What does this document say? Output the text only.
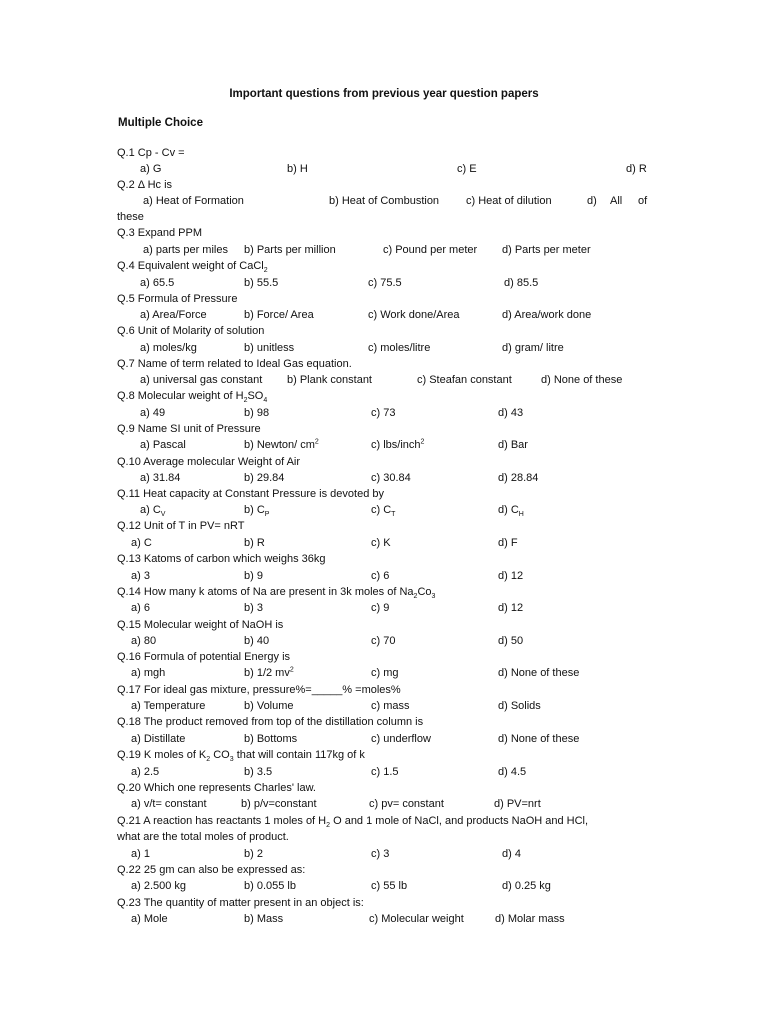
Important questions from previous year question papers
Multiple Choice
Q.1 Cp - Cv =
a) G	b) H	c) E	d) R
Q.2 Δ Hc is
a) Heat of Formation	b) Heat of Combustion c) Heat of dilution	d) All of
these
Q.3 Expand PPM
a) parts per miles b) Parts per million	c) Pound per meter d) Parts per meter
Q.4 Equivalent weight of CaCl$_2$
a) 65.5	b) 55.5	c) 75.5	d) 85.5
Q.5 Formula of Pressure
a) Area/Force	b) Force/ Area	c) Work done/Area	d) Area/work done
Q.6 Unit of Molarity of solution
a) moles/kg	b) unitless	c) moles/litre	d) gram/ litre
Q.7 Name of term related to Ideal Gas equation.
a) universal gas constant b) Plank constant	c) Steafan constant	d) None of these
Q.8 Molecular weight of $H_2SO_4$
a) 49	b) 98	c) 73	d) 43
Q.9 Name SI unit of Pressure
a) Pascal	b) Newton/ $cm^2$	c) lbs/inch$^2$	d) Bar
Q.10 Average molecular Weight of Air
a) 31.84	b) 29.84	c) 30.84	d) 28.84
Q.11 Heat capacity at Constant Pressure is devoted by
a) $C_V$	b) $C_P$	c) $C_T$	d) $C_H$
Q.12 Unit of T in PV= nRT
a) C	b) R	c) K	d) F
Q.13 Katoms of carbon which weighs 36kg
a) 3	b) 9	c) 6	d) 12
Q.14 How many k atoms of Na are present in 3k moles of $Na_2Co_3$
a) 6	b) 3	c) 9	d) 12
Q.15 Molecular weight of NaOH is
a) 80	b) 40	c) 70	d) 50
Q.16 Formula of potential Energy is
a) mgh	b) 1/2 $mv^2$	c) mg	d) None of these
Q.17 For ideal gas mixture, pressure%=_____% =moles%
a) Temperature	b) Volume	c) mass	d) Solids
Q.18 The product removed from top of the distillation column is
a) Distillate	b) Bottoms	c) underflow	d) None of these
Q.19 K moles of $K_2$ $CO_3$ that will contain 117kg of k
a) 2.5	b) 3.5	c) 1.5	d) 4.5
Q.20 Which one represents Charles' law.
a) v/t= constant	b) p/v=constant	c) pv= constant	d) PV=nrt
Q.21 A reaction has reactants 1 moles of $H_2$ O and 1 mole of NaCl, and products NaOH and HCl,
what are the total moles of product.
a) 1	b) 2	c) 3	d) 4
Q.22 25 gm can also be expressed as:
a) 2.500 kg	b) 0.055 lb	c) 55 lb	d) 0.25 kg
Q.23 The quantity of matter present in an object is:
a) Mole	b) Mass	c) Molecular weight	d) Molar mass
